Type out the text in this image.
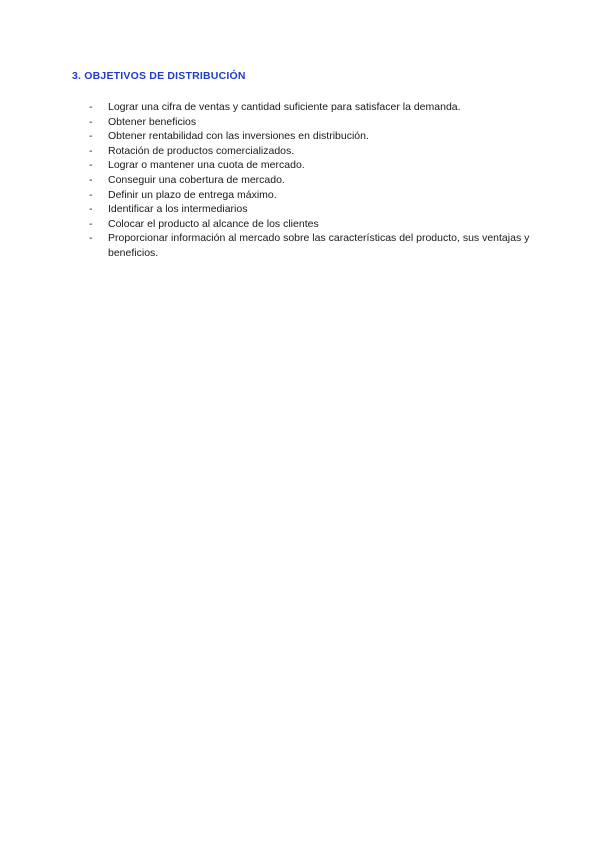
3. OBJETIVOS DE DISTRIBUCIÓN
- Lograr una cifra de ventas y cantidad suficiente para satisfacer la demanda.
- Obtener beneficios
- Obtener rentabilidad con las inversiones en distribución.
- Rotación de productos comercializados.
- Lograr o mantener una cuota de mercado.
- Conseguir una cobertura de mercado.
- Definir un plazo de entrega máximo.
- Identificar a los intermediarios
- Colocar el producto al alcance de los clientes
- Proporcionar información al mercado sobre las características del producto, sus ventajas y beneficios.
